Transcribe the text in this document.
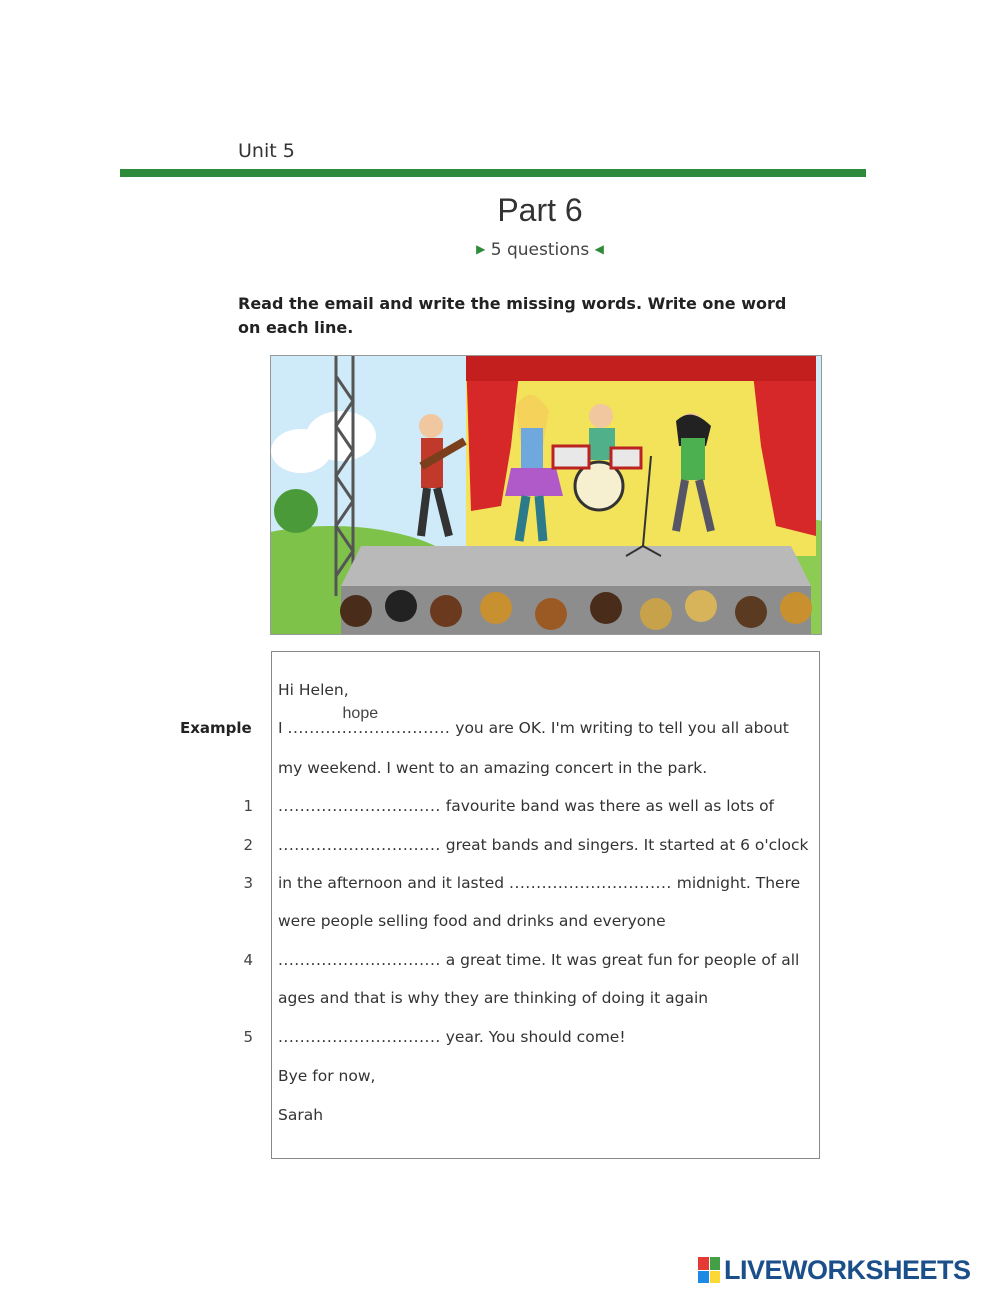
Unit 5
Part 6
▶ 5 questions ◀
Read the email and write the missing words. Write one word on each line.
Hi Helen,
Example I ..............................
hope
you are OK. I'm writing to tell you all about
my weekend. I went to an amazing concert in the park.
1 .............................. favourite band was there as well as lots of
2 .............................. great bands and singers. It started at 6 o'clock
3 in the afternoon and it lasted .............................. midnight. There
were people selling food and drinks and everyone
4 .............................. a great time. It was great fun for people of all
ages and that is why they are thinking of doing it again
5 .............................. year. You should come!
Bye for now,
Sarah
LIVEWORKSHEETS
